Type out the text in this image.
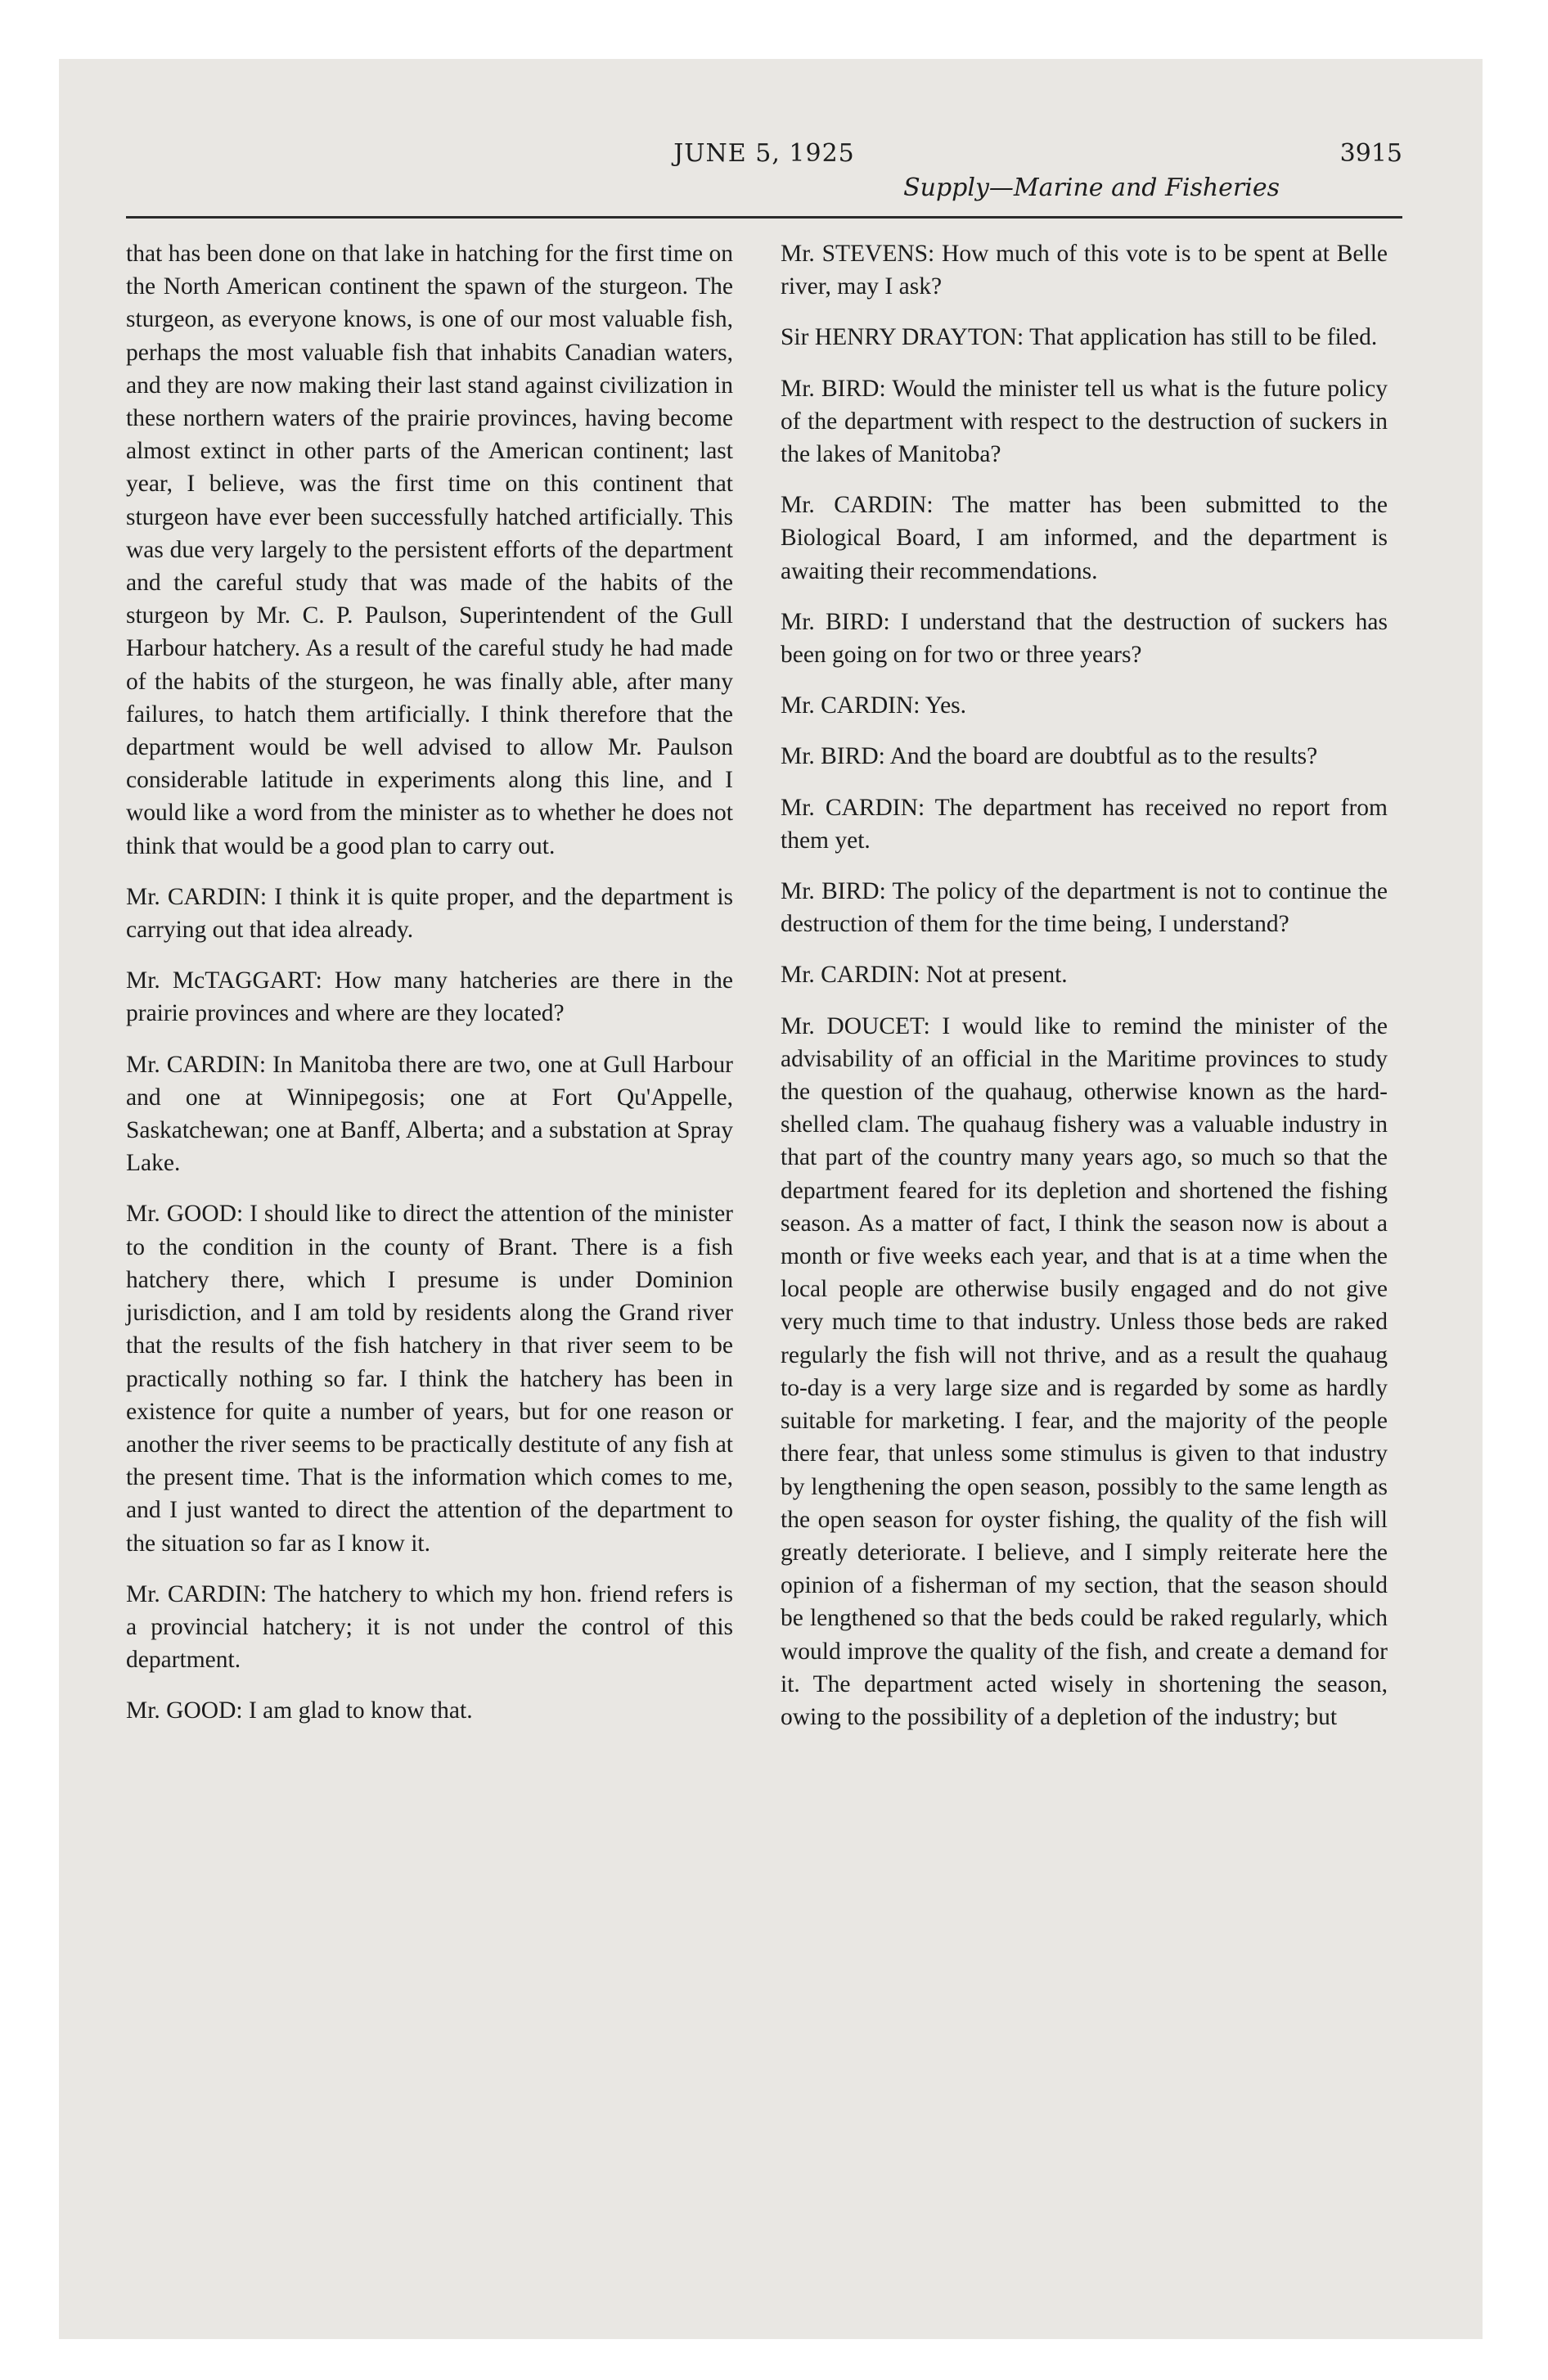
JUNE 5, 1925	3915
Supply—Marine and Fisheries

that has been done on that lake in hatching for the first time on the North American continent the spawn of the sturgeon. The sturgeon, as everyone knows, is one of our most valuable fish, perhaps the most valuable fish that inhabits Canadian waters, and they are now making their last stand against civilization in these northern waters of the prairie provinces, having become almost extinct in other parts of the American continent; last year, I believe, was the first time on this continent that sturgeon have ever been successfully hatched artificially. This was due very largely to the persistent efforts of the department and the careful study that was made of the habits of the sturgeon by Mr. C. P. Paulson, Superintendent of the Gull Harbour hatchery. As a result of the careful study he had made of the habits of the sturgeon, he was finally able, after many failures, to hatch them artificially. I think therefore that the department would be well advised to allow Mr. Paulson considerable latitude in experiments along this line, and I would like a word from the minister as to whether he does not think that would be a good plan to carry out.

Mr. CARDIN: I think it is quite proper, and the department is carrying out that idea already.

Mr. McTAGGART: How many hatcheries are there in the prairie provinces and where are they located?

Mr. CARDIN: In Manitoba there are two, one at Gull Harbour and one at Winnipegosis; one at Fort Qu'Appelle, Saskatchewan; one at Banff, Alberta; and a substation at Spray Lake.

Mr. GOOD: I should like to direct the attention of the minister to the condition in the county of Brant. There is a fish hatchery there, which I presume is under Dominion jurisdiction, and I am told by residents along the Grand river that the results of the fish hatchery in that river seem to be practically nothing so far. I think the hatchery has been in existence for quite a number of years, but for one reason or another the river seems to be practically destitute of any fish at the present time. That is the information which comes to me, and I just wanted to direct the attention of the department to the situation so far as I know it.

Mr. CARDIN: The hatchery to which my hon. friend refers is a provincial hatchery; it is not under the control of this department.

Mr. GOOD: I am glad to know that.

Mr. STEVENS: How much of this vote is to be spent at Belle river, may I ask?

Sir HENRY DRAYTON: That application has still to be filed.

Mr. BIRD: Would the minister tell us what is the future policy of the department with respect to the destruction of suckers in the lakes of Manitoba?

Mr. CARDIN: The matter has been submitted to the Biological Board, I am informed, and the department is awaiting their recommendations.

Mr. BIRD: I understand that the destruction of suckers has been going on for two or three years?

Mr. CARDIN: Yes.

Mr. BIRD: And the board are doubtful as to the results?

Mr. CARDIN: The department has received no report from them yet.

Mr. BIRD: The policy of the department is not to continue the destruction of them for the time being, I understand?

Mr. CARDIN: Not at present.

Mr. DOUCET: I would like to remind the minister of the advisability of an official in the Maritime provinces to study the question of the quahaug, otherwise known as the hard-shelled clam. The quahaug fishery was a valuable industry in that part of the country many years ago, so much so that the department feared for its depletion and shortened the fishing season. As a matter of fact, I think the season now is about a month or five weeks each year, and that is at a time when the local people are otherwise busily engaged and do not give very much time to that industry. Unless those beds are raked regularly the fish will not thrive, and as a result the quahaug to-day is a very large size and is regarded by some as hardly suitable for marketing. I fear, and the majority of the people there fear, that unless some stimulus is given to that industry by lengthening the open season, possibly to the same length as the open season for oyster fishing, the quality of the fish will greatly deteriorate. I believe, and I simply reiterate here the opinion of a fisherman of my section, that the season should be lengthened so that the beds could be raked regularly, which would improve the quality of the fish, and create a demand for it. The department acted wisely in shortening the season, owing to the possibility of a depletion of the industry; but
